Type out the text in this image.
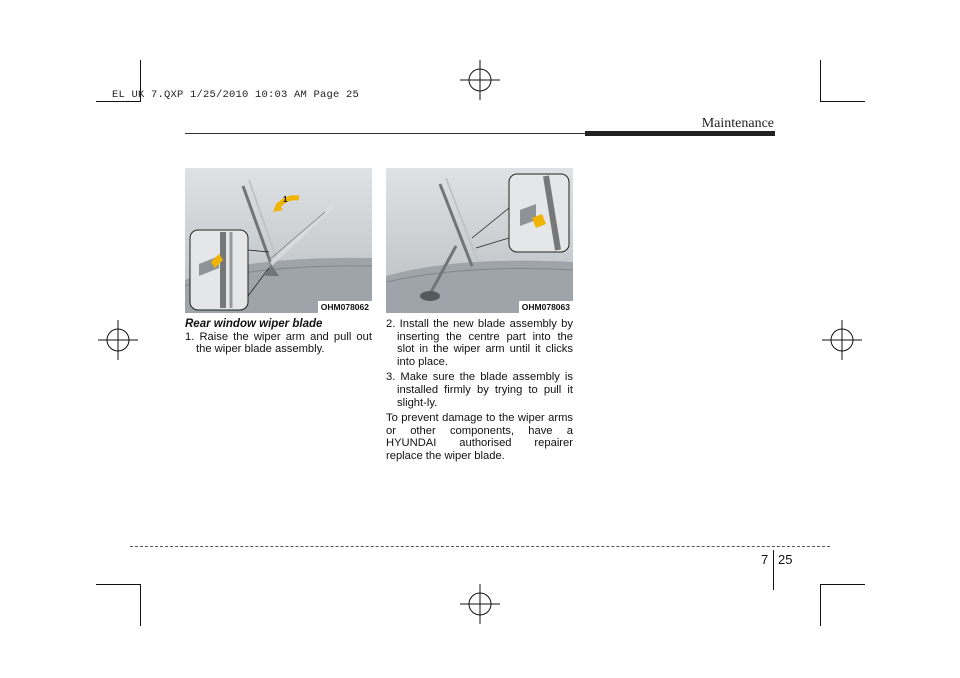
EL UK 7.QXP 1/25/2010 10:03 AM Page 25
Maintenance
1
OHM078062	OHM078063
Rear window wiper blade

1. Raise the wiper arm and pull out the wiper blade assembly.

2. Install the new blade assembly by inserting the centre part into the slot in the wiper arm until it clicks into place.

3. Make sure the blade assembly is installed firmly by trying to pull it slight-ly.

To prevent damage to the wiper arms or other components, have a HYUNDAI authorised repairer replace the wiper blade.

7 25
